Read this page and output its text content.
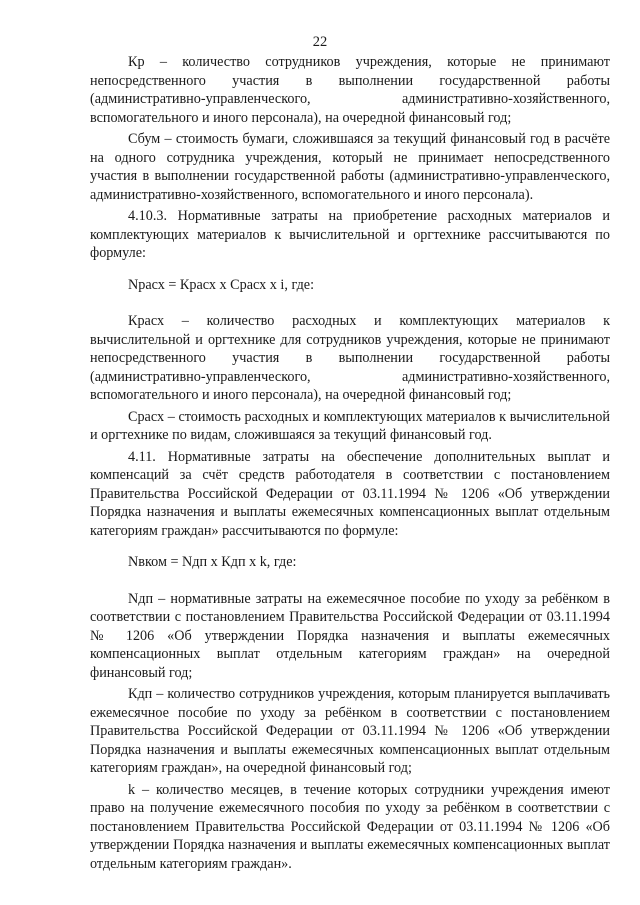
22

Кр – количество сотрудников учреждения, которые не принимают непосредственного участия в выполнении государственной работы (административно-управленческого, административно-хозяйственного, вспомогательного и иного персонала), на очередной финансовый год;

Сбум – стоимость бумаги, сложившаяся за текущий финансовый год в расчёте на одного сотрудника учреждения, который не принимает непосредственного участия в выполнении государственной работы (административно-управленческого, административно-хозяйственного, вспомогательного и иного персонала).

4.10.3. Нормативные затраты на приобретение расходных материалов и комплектующих материалов к вычислительной и оргтехнике рассчитываются по формуле:

Nрасх = Красх х Срасх х i, где:

Красх – количество расходных и комплектующих материалов к вычислительной и оргтехнике для сотрудников учреждения, которые не принимают непосредственного участия в выполнении государственной работы (административно-управленческого, административно-хозяйственного, вспомогательного и иного персонала), на очередной финансовый год;

Срасх – стоимость расходных и комплектующих материалов к вычислительной и оргтехнике по видам, сложившаяся за текущий финансовый год.

4.11. Нормативные затраты на обеспечение дополнительных выплат и компенсаций за счёт средств работодателя в соответствии с постановлением Правительства Российской Федерации от 03.11.1994 № 1206 «Об утверждении Порядка назначения и выплаты ежемесячных компенсационных выплат отдельным категориям граждан» рассчитываются по формуле:

Nвком = Nдп х Кдп х k, где:

Nдп – нормативные затраты на ежемесячное пособие по уходу за ребёнком в соответствии с постановлением Правительства Российской Федерации от 03.11.1994 № 1206 «Об утверждении Порядка назначения и выплаты ежемесячных компенсационных выплат отдельным категориям граждан» на очередной финансовый год;

Кдп – количество сотрудников учреждения, которым планируется выплачивать ежемесячное пособие по уходу за ребёнком в соответствии с постановлением Правительства Российской Федерации от 03.11.1994 № 1206 «Об утверждении Порядка назначения и выплаты ежемесячных компенсационных выплат отдельным категориям граждан», на очередной финансовый год;

k – количество месяцев, в течение которых сотрудники учреждения имеют право на получение ежемесячного пособия по уходу за ребёнком в соответствии с постановлением Правительства Российской Федерации от 03.11.1994 № 1206 «Об утверждении Порядка назначения и выплаты ежемесячных компенсационных выплат отдельным категориям граждан».
